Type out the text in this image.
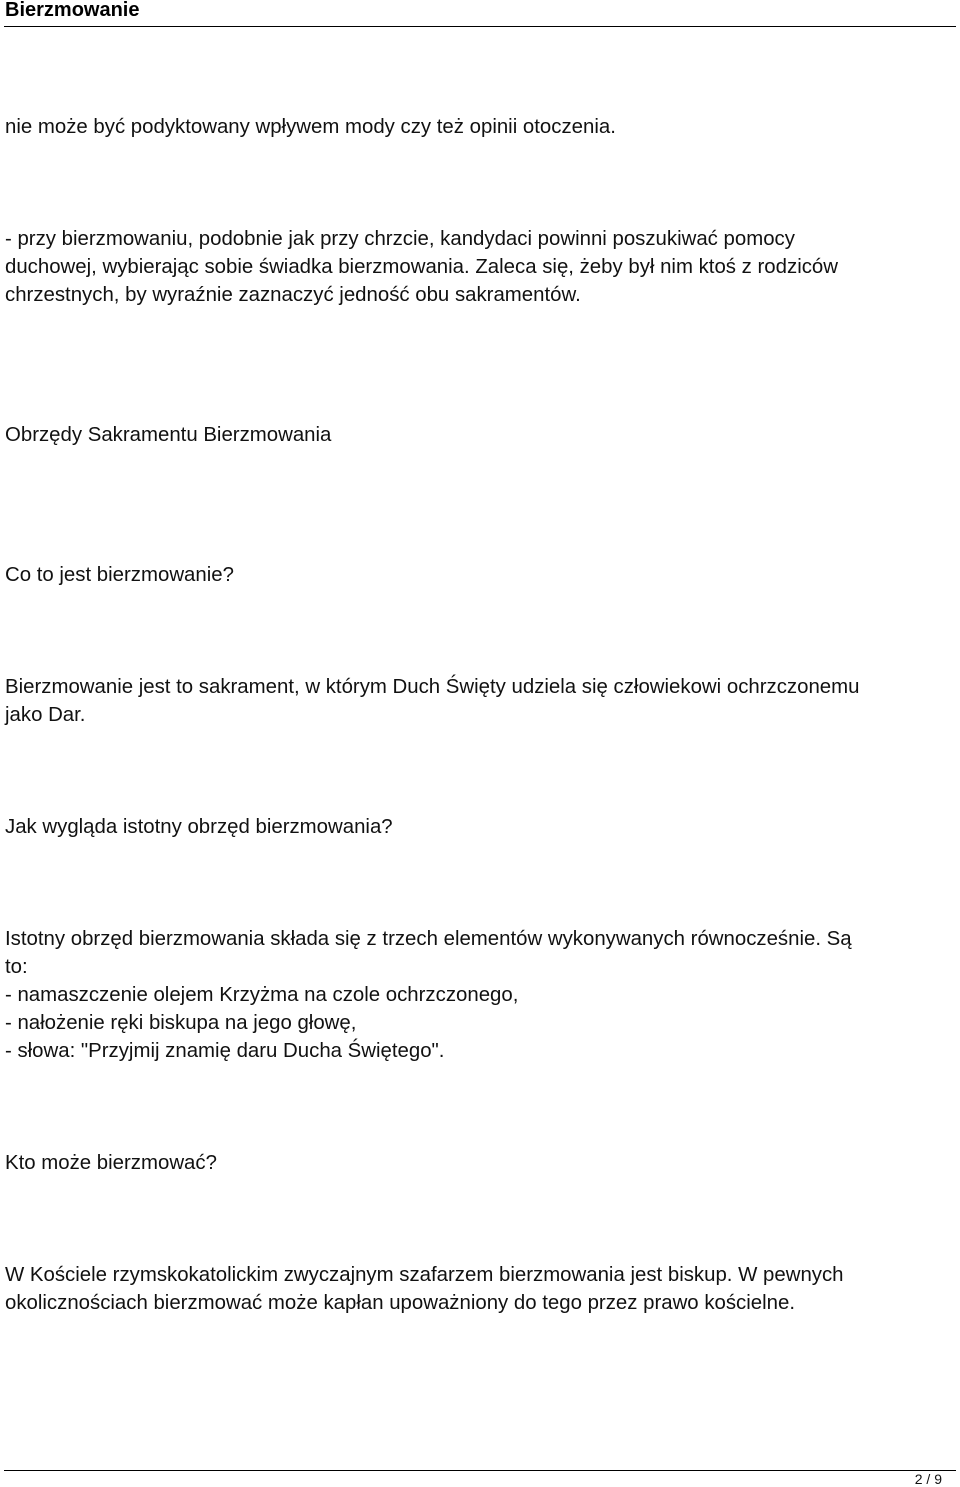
Bierzmowanie
nie może być podyktowany wpływem mody czy też opinii otoczenia.
- przy bierzmowaniu, podobnie jak przy chrzcie, kandydaci powinni poszukiwać pomocy
duchowej, wybierając sobie świadka bierzmowania. Zaleca się, żeby był nim ktoś z rodziców
chrzestnych, by wyraźnie zaznaczyć jedność obu sakramentów.
Obrzędy Sakramentu Bierzmowania
Co to jest bierzmowanie?
Bierzmowanie jest to sakrament, w którym Duch Święty udziela się człowiekowi ochrzczonemu
jako Dar.
Jak wygląda istotny obrzęd bierzmowania?
Istotny obrzęd bierzmowania składa się z trzech elementów wykonywanych równocześnie. Są
to:
- namaszczenie olejem Krzyżma na czole ochrzczonego,
- nałożenie ręki biskupa na jego głowę,
- słowa: "Przyjmij znamię daru Ducha Świętego".
Kto może bierzmować?
W Kościele rzymskokatolickim zwyczajnym szafarzem bierzmowania jest biskup. W pewnych
okolicznościach bierzmować może kapłan upoważniony do tego przez prawo kościelne.
2 / 9
